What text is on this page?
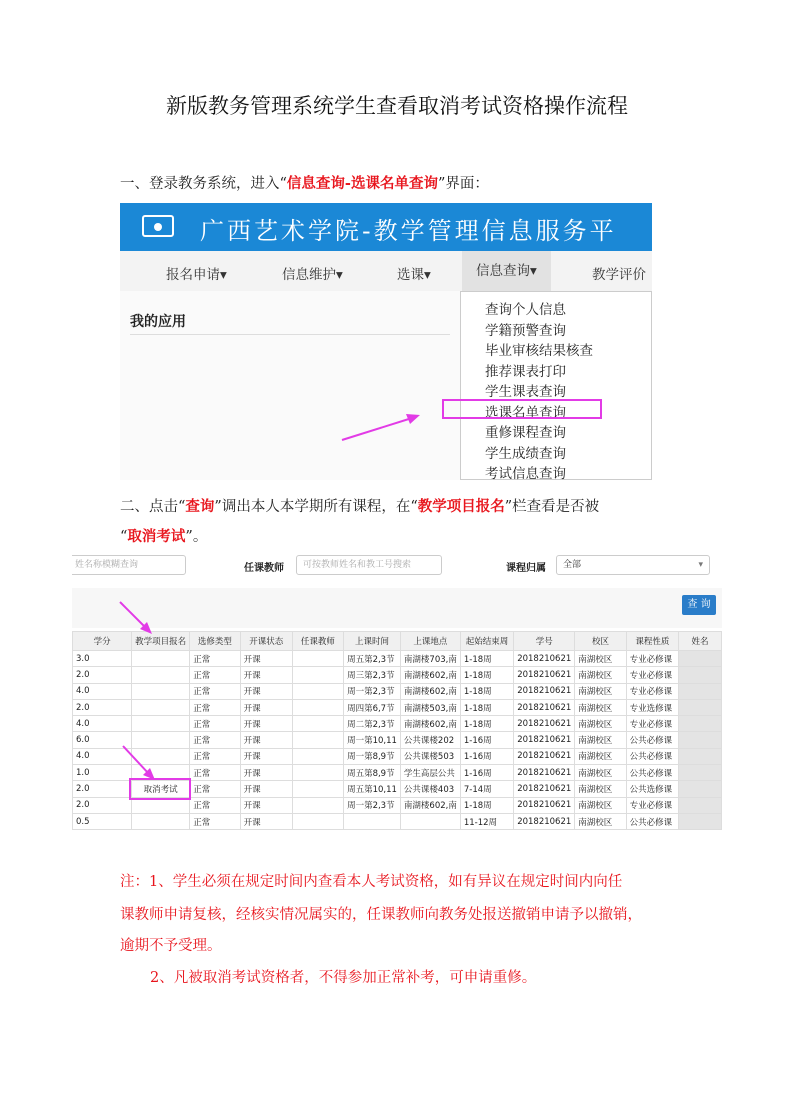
新版教务管理系统学生查看取消考试资格操作流程
一、登录教务系统，进入“信息查询-选课名单查询”界面：
广西艺术学院-教学管理信息服务平
报名申请▾	信息维护▾	选课▾	信息查询▾	教学评价
我的应用
查询个人信息
学籍预警查询
毕业审核结果核查
推荐课表打印
学生课表查询
选课名单查询
重修课程查询
学生成绩查询
考试信息查询
二、点击“查询”调出本人本学期所有课程，在“教学项目报名”栏查看是否被
“取消考试”。
姓名称模糊查询	任课教师	可按教师姓名和教工号搜索	课程归属	全部	▾
查 询
学分	教学项目报名	选修类型	开课状态	任课教师	上课时间	上课地点	起始结束周	学号	校区	课程性质	姓名
3.0		正常	开课		周五第2,3节	南湖楼703,南	1-18周	2018210621	南湖校区	专业必修课	
2.0		正常	开课		周三第2,3节	南湖楼602,南	1-18周	2018210621	南湖校区	专业必修课	
4.0		正常	开课		周一第2,3节	南湖楼602,南	1-18周	2018210621	南湖校区	专业必修课	
2.0		正常	开课		周四第6,7节	南湖楼503,南	1-18周	2018210621	南湖校区	专业选修课	
4.0		正常	开课		周二第2,3节	南湖楼602,南	1-18周	2018210621	南湖校区	专业必修课	
6.0		正常	开课		周一第10,11	公共课楼202	1-16周	2018210621	南湖校区	公共必修课	
4.0		正常	开课		周一第8,9节	公共课楼503	1-16周	2018210621	南湖校区	公共必修课	
1.0		正常	开课		周五第8,9节	学生高层公共	1-16周	2018210621	南湖校区	公共必修课	
2.0	取消考试	正常	开课		周五第10,11	公共课楼403	7-14周	2018210621	南湖校区	公共选修课	
2.0		正常	开课		周一第2,3节	南湖楼602,南	1-18周	2018210621	南湖校区	专业必修课	
0.5		正常	开课				11-12周	2018210621	南湖校区	公共必修课	
注：1、学生必须在规定时间内查看本人考试资格，如有异议在规定时间内向任
课教师申请复核，经核实情况属实的，任课教师向教务处报送撤销申请予以撤销，
逾期不予受理。
2、凡被取消考试资格者，不得参加正常补考，可申请重修。
